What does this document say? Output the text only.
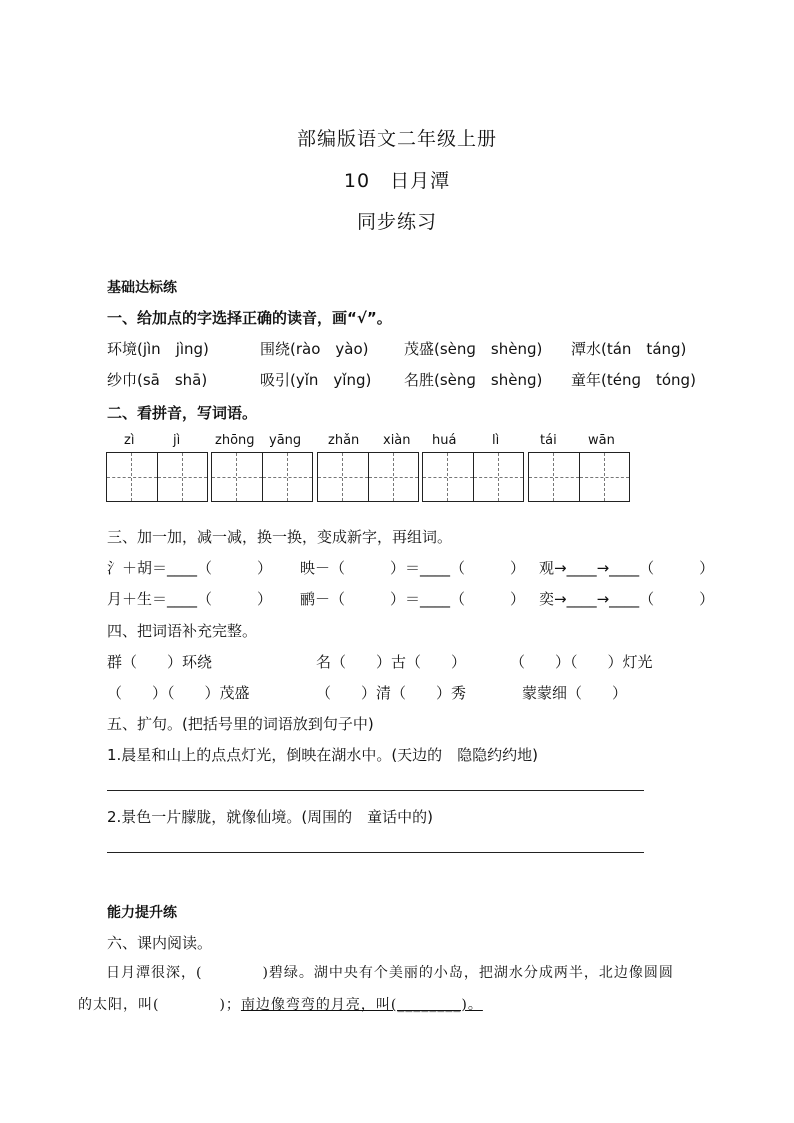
部编版语文二年级上册
10　日月潭
同步练习
基础达标练
一、给加点的字选择正确的读音，画“√”。
环境(jìn　jìng)	围绕(rào　yào) 茂盛(sènɡ　shènɡ) 潭水(tán　táng)
纱巾(sā　shā)	吸引(yǐn　yǐng) 名胜(sènɡ　shènɡ) 童年(ténɡ　tóng)
二、看拼音，写词语。
zì	jì	zhōnɡ yānɡ zhǎn xiàn huá	lì	tái wān
三、加一加，减一减，换一换，变成新字，再组词。
氵＋胡＝____（　　　） 映－（　　　）＝____（　　　） 观→____→____（　　　）
月＋生＝____（　　　） 鹂－（　　　）＝____（　　　） 奕→____→____（　　　）
四、把词语补充完整。
群（　　）环绕	名（　　）古（　　）	（　　）（　　）灯光
（　　）（　　）茂盛	（　　）清（　　）秀	蒙蒙细（　　）
五、扩句。(把括号里的词语放到句子中)
1.晨星和山上的点点灯光，倒映在湖水中。(天边的　隐隐约约地)
2.景色一片朦胧，就像仙境。(周围的　童话中的)
能力提升练
六、课内阅读。
日月潭很深，(　　　　)碧绿。湖中央有个美丽的小岛，把湖水分成两半，北边像圆圆
的太阳，叫(　　　　)；南边像弯弯的月亮，叫(________)。
